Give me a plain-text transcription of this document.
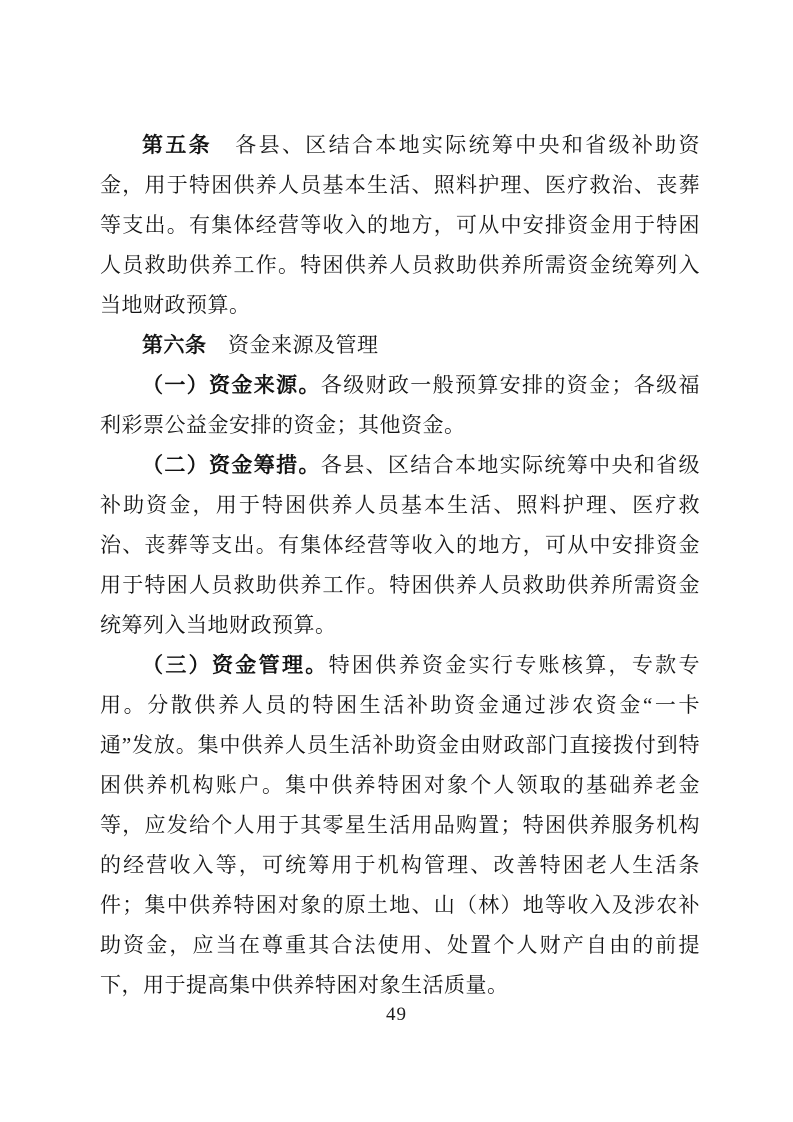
第五条　各县、区结合本地实际统筹中央和省级补助资金，用于特困供养人员基本生活、照料护理、医疗救治、丧葬等支出。有集体经营等收入的地方，可从中安排资金用于特困人员救助供养工作。特困供养人员救助供养所需资金统筹列入当地财政预算。

第六条　资金来源及管理

（一）资金来源。各级财政一般预算安排的资金；各级福利彩票公益金安排的资金；其他资金。

（二）资金筹措。各县、区结合本地实际统筹中央和省级补助资金，用于特困供养人员基本生活、照料护理、医疗救治、丧葬等支出。有集体经营等收入的地方，可从中安排资金用于特困人员救助供养工作。特困供养人员救助供养所需资金统筹列入当地财政预算。

（三）资金管理。特困供养资金实行专账核算，专款专用。分散供养人员的特困生活补助资金通过涉农资金“一卡通”发放。集中供养人员生活补助资金由财政部门直接拨付到特困供养机构账户。集中供养特困对象个人领取的基础养老金等，应发给个人用于其零星生活用品购置；特困供养服务机构的经营收入等，可统筹用于机构管理、改善特困老人生活条件；集中供养特困对象的原土地、山（林）地等收入及涉农补助资金，应当在尊重其合法使用、处置个人财产自由的前提下，用于提高集中供养特困对象生活质量。

49
